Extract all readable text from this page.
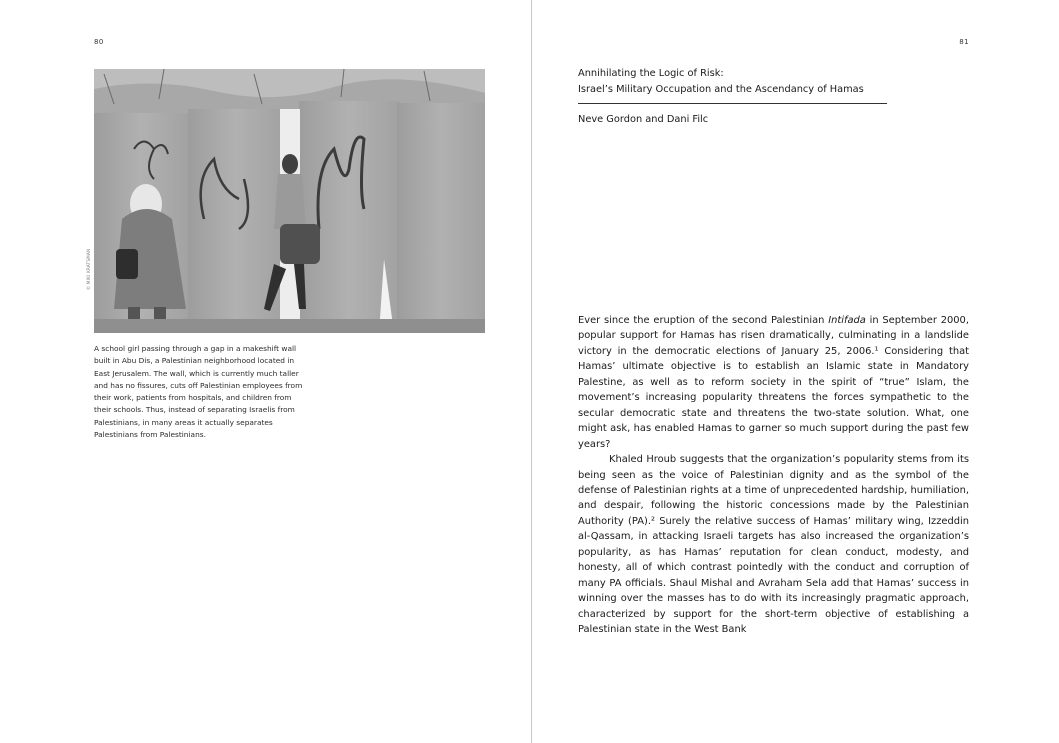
80
© MIKI KRATSMAN

A school girl passing through a gap in a makeshift wall built in Abu Dis, a Palestinian neighborhood located in East Jerusalem. The wall, which is currently much taller and has no fissures, cuts off Palestinian employees from their work, patients from hospitals, and children from their schools. Thus, instead of separating Israelis from Palestinians, in many areas it actually separates Palestinians from Palestinians.

81
Annihilating the Logic of Risk:
Israel’s Military Occupation and the Ascendancy of Hamas
Neve Gordon and Dani Filc

Ever since the eruption of the second Palestinian Intifada in September 2000, popular support for Hamas has risen dramatically, culminating in a landslide victory in the democratic elections of January 25, 2006.¹ Considering that Hamas’ ultimate objective is to establish an Islamic state in Mandatory Palestine, as well as to reform society in the spirit of “true” Islam, the movement’s increasing popularity threatens the forces sympathetic to the secular democratic state and threatens the two-state solution. What, one might ask, has enabled Hamas to garner so much support during the past few years?

Khaled Hroub suggests that the organization’s popularity stems from its being seen as the voice of Palestinian dignity and as the symbol of the defense of Palestinian rights at a time of unprecedented hardship, humiliation, and despair, following the historic concessions made by the Palestinian Authority (PA).² Surely the relative success of Hamas’ military wing, Izzeddin al-Qassam, in attacking Israeli targets has also increased the organization’s popularity, as has Hamas’ reputation for clean conduct, modesty, and honesty, all of which contrast pointedly with the conduct and corruption of many PA officials. Shaul Mishal and Avraham Sela add that Hamas’ success in winning over the masses has to do with its increasingly pragmatic approach, characterized by support for the short-term objective of establishing a Palestinian state in the West Bank
